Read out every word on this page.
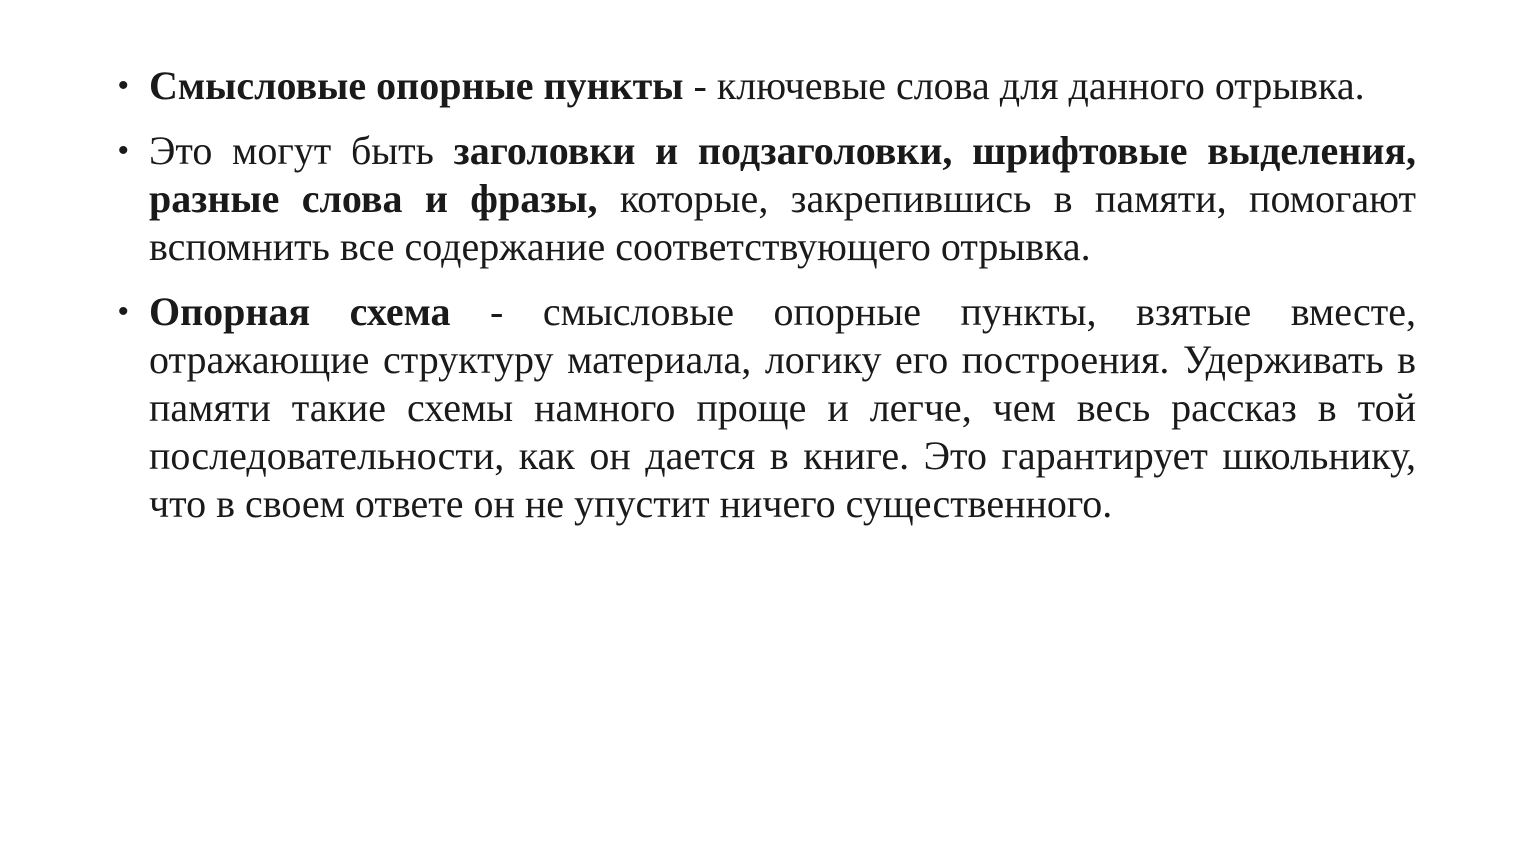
• Смысловые опорные пункты - ключевые слова для данного отрывка.
• Это могут быть заголовки и подзаголовки, шрифтовые выделения, разные слова и фразы, которые, закрепившись в памяти, помогают вспомнить все содержание соответствующего отрывка.
• Опорная схема - смысловые опорные пункты, взятые вместе, отражающие структуру материала, логику его построения. Удерживать в памяти такие схемы намного проще и легче, чем весь рассказ в той последовательности, как он дается в книге. Это гарантирует школьнику, что в своем ответе он не упустит ничего существенного.
